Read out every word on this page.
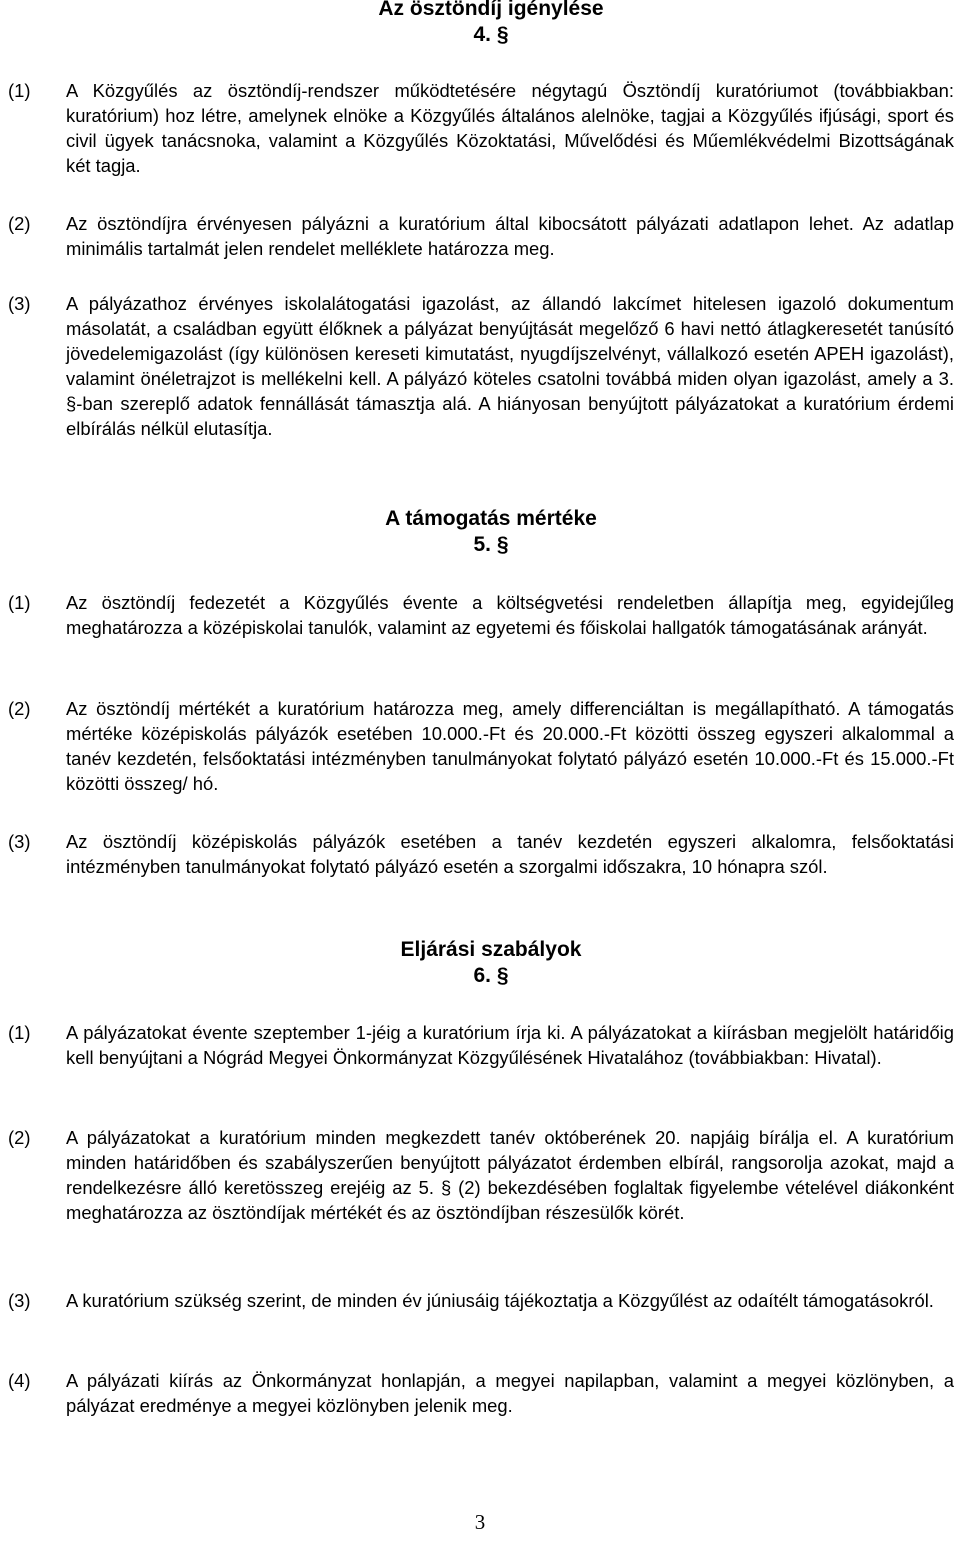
Az ösztöndíj igénylése
4. §
(1) A Közgyűlés az ösztöndíj-rendszer működtetésére négytagú Ösztöndíj kuratóriumot (továbbiakban: kuratórium) hoz létre, amelynek elnöke a Közgyűlés általános alelnöke, tagjai a Közgyűlés ifjúsági, sport és civil ügyek tanácsnoka, valamint a Közgyűlés Közoktatási, Művelődési és Műemlékvédelmi Bizottságának két tagja.
(2) Az ösztöndíjra érvényesen pályázni a kuratórium által kibocsátott pályázati adatlapon lehet. Az adatlap minimális tartalmát jelen rendelet melléklete határozza meg.
(3) A pályázathoz érvényes iskolalátogatási igazolást, az állandó lakcímet hitelesen igazoló dokumentum másolatát, a családban együtt élőknek a pályázat benyújtását megelőző 6 havi nettó átlagkeresetét tanúsító jövedelemigazolást (így különösen kereseti kimutatást, nyugdíjszelvényt, vállalkozó esetén APEH igazolást), valamint önéletrajzot is mellékelni kell. A pályázó köteles csatolni továbbá miden olyan igazolást, amely a 3. §-ban szereplő adatok fennállását támasztja alá. A hiányosan benyújtott pályázatokat a kuratórium érdemi elbírálás nélkül elutasítja.
A támogatás mértéke
5. §
(1) Az ösztöndíj fedezetét a Közgyűlés évente a költségvetési rendeletben állapítja meg, egyidejűleg meghatározza a középiskolai tanulók, valamint az egyetemi és főiskolai hallgatók támogatásának arányát.
(2) Az ösztöndíj mértékét a kuratórium határozza meg, amely differenciáltan is megállapítható. A támogatás mértéke középiskolás pályázók esetében 10.000.-Ft és 20.000.-Ft közötti összeg egyszeri alkalommal a tanév kezdetén, felsőoktatási intézményben tanulmányokat folytató pályázó esetén 10.000.-Ft és 15.000.-Ft közötti összeg/ hó.
(3) Az ösztöndíj középiskolás pályázók esetében a tanév kezdetén egyszeri alkalomra, felsőoktatási intézményben tanulmányokat folytató pályázó esetén a szorgalmi időszakra, 10 hónapra szól.
Eljárási szabályok
6. §
(1) A pályázatokat évente szeptember 1-jéig a kuratórium írja ki. A pályázatokat a kiírásban megjelölt határidőig kell benyújtani a Nógrád Megyei Önkormányzat Közgyűlésének Hivatalához (továbbiakban: Hivatal).
(2) A pályázatokat a kuratórium minden megkezdett tanév októberének 20. napjáig bírálja el. A kuratórium minden határidőben és szabályszerűen benyújtott pályázatot érdemben elbírál, rangsorolja azokat, majd a rendelkezésre álló keretösszeg erejéig az 5. § (2) bekezdésében foglaltak figyelembe vételével diákonként meghatározza az ösztöndíjak mértékét és az ösztöndíjban részesülők körét.
(3) A kuratórium szükség szerint, de minden év júniusáig tájékoztatja a Közgyűlést az odaítélt támogatásokról.
(4) A pályázati kiírás az Önkormányzat honlapján, a megyei napilapban, valamint a megyei közlönyben, a pályázat eredménye a megyei közlönyben jelenik meg.
3
